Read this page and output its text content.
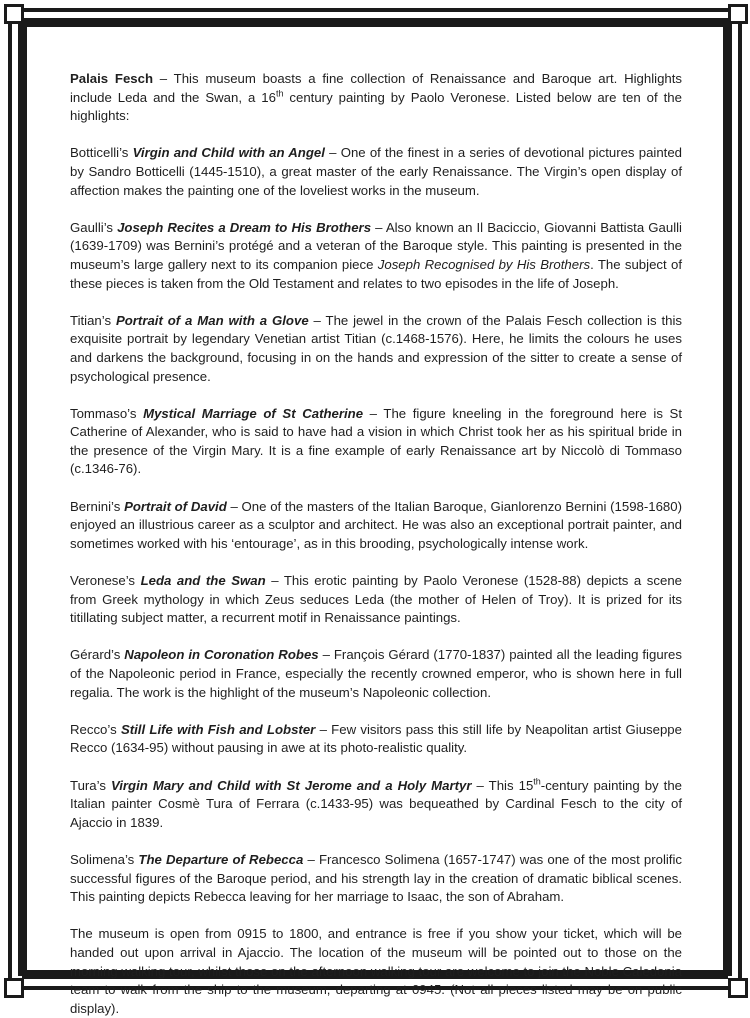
Palais Fesch – This museum boasts a fine collection of Renaissance and Baroque art. Highlights include Leda and the Swan, a 16th century painting by Paolo Veronese. Listed below are ten of the highlights:

Botticelli’s Virgin and Child with an Angel – One of the finest in a series of devotional pictures painted by Sandro Botticelli (1445-1510), a great master of the early Renaissance. The Virgin’s open display of affection makes the painting one of the loveliest works in the museum.

Gaulli’s Joseph Recites a Dream to His Brothers – Also known an Il Baciccio, Giovanni Battista Gaulli (1639-1709) was Bernini’s protégé and a veteran of the Baroque style. This painting is presented in the museum’s large gallery next to its companion piece Joseph Recognised by His Brothers. The subject of these pieces is taken from the Old Testament and relates to two episodes in the life of Joseph.

Titian’s Portrait of a Man with a Glove – The jewel in the crown of the Palais Fesch collection is this exquisite portrait by legendary Venetian artist Titian (c.1468-1576). Here, he limits the colours he uses and darkens the background, focusing in on the hands and expression of the sitter to create a sense of psychological presence.

Tommaso’s Mystical Marriage of St Catherine – The figure kneeling in the foreground here is St Catherine of Alexander, who is said to have had a vision in which Christ took her as his spiritual bride in the presence of the Virgin Mary. It is a fine example of early Renaissance art by Niccolò di Tommaso (c.1346-76).

Bernini’s Portrait of David – One of the masters of the Italian Baroque, Gianlorenzo Bernini (1598-1680) enjoyed an illustrious career as a sculptor and architect. He was also an exceptional portrait painter, and sometimes worked with his ‘entourage’, as in this brooding, psychologically intense work.

Veronese’s Leda and the Swan – This erotic painting by Paolo Veronese (1528-88) depicts a scene from Greek mythology in which Zeus seduces Leda (the mother of Helen of Troy). It is prized for its titillating subject matter, a recurrent motif in Renaissance paintings.

Gérard’s Napoleon in Coronation Robes – François Gérard (1770-1837) painted all the leading figures of the Napoleonic period in France, especially the recently crowned emperor, who is shown here in full regalia. The work is the highlight of the museum’s Napoleonic collection.

Recco’s Still Life with Fish and Lobster – Few visitors pass this still life by Neapolitan artist Giuseppe Recco (1634-95) without pausing in awe at its photo-realistic quality.

Tura’s Virgin Mary and Child with St Jerome and a Holy Martyr – This 15th-century painting by the Italian painter Cosmè Tura of Ferrara (c.1433-95) was bequeathed by Cardinal Fesch to the city of Ajaccio in 1839.

Solimena’s The Departure of Rebecca – Francesco Solimena (1657-1747) was one of the most prolific successful figures of the Baroque period, and his strength lay in the creation of dramatic biblical scenes. This painting depicts Rebecca leaving for her marriage to Isaac, the son of Abraham.

The museum is open from 0915 to 1800, and entrance is free if you show your ticket, which will be handed out upon arrival in Ajaccio. The location of the museum will be pointed out to those on the morning walking tour, whilst those on the afternoon walking tour are welcome to join the Noble Caledonia team to walk from the ship to the museum, departing at 0945. (Not all pieces listed may be on public display).
